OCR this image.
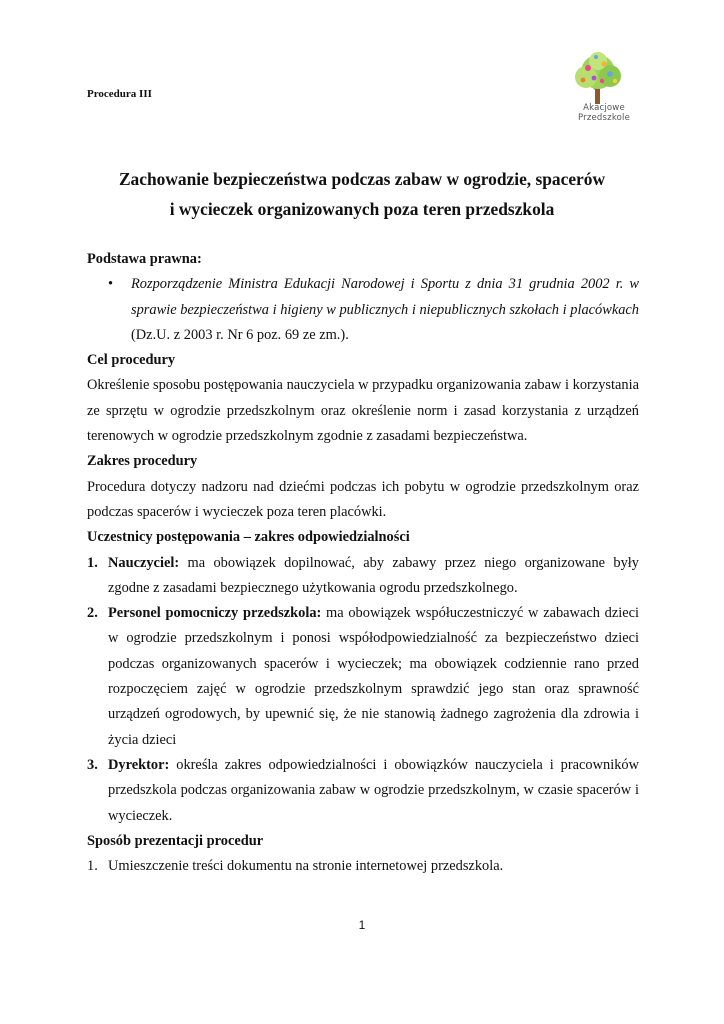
Procedura III
Akacjowe Przedszkole
Zachowanie bezpieczeństwa podczas zabaw w ogrodzie, spacerów
i wycieczek organizowanych poza teren przedszkola
Podstawa prawna:
• Rozporządzenie Ministra Edukacji Narodowej i Sportu z dnia 31 grudnia 2002 r. w sprawie bezpieczeństwa i higieny w publicznych i niepublicznych szkołach i placówkach (Dz.U. z 2003 r. Nr 6 poz. 69 ze zm.).
Cel procedury
Określenie sposobu postępowania nauczyciela w przypadku organizowania zabaw i korzystania ze sprzętu w ogrodzie przedszkolnym oraz określenie norm i zasad korzystania z urządzeń terenowych w ogrodzie przedszkolnym zgodnie z zasadami bezpieczeństwa.
Zakres procedury
Procedura dotyczy nadzoru nad dziećmi podczas ich pobytu w ogrodzie przedszkolnym oraz podczas spacerów i wycieczek poza teren placówki.
Uczestnicy postępowania – zakres odpowiedzialności
1. Nauczyciel: ma obowiązek dopilnować, aby zabawy przez niego organizowane były zgodne z zasadami bezpiecznego użytkowania ogrodu przedszkolnego.
2. Personel pomocniczy przedszkola: ma obowiązek współuczestniczyć w zabawach dzieci w ogrodzie przedszkolnym i ponosi współodpowiedzialność za bezpieczeństwo dzieci podczas organizowanych spacerów i wycieczek; ma obowiązek codziennie rano przed rozpoczęciem zajęć w ogrodzie przedszkolnym sprawdzić jego stan oraz sprawność urządzeń ogrodowych, by upewnić się, że nie stanowią żadnego zagrożenia dla zdrowia i życia dzieci
3. Dyrektor: określa zakres odpowiedzialności i obowiązków nauczyciela i pracowników przedszkola podczas organizowania zabaw w ogrodzie przedszkolnym, w czasie spacerów i wycieczek.
Sposób prezentacji procedur
1. Umieszczenie treści dokumentu na stronie internetowej przedszkola.
1
